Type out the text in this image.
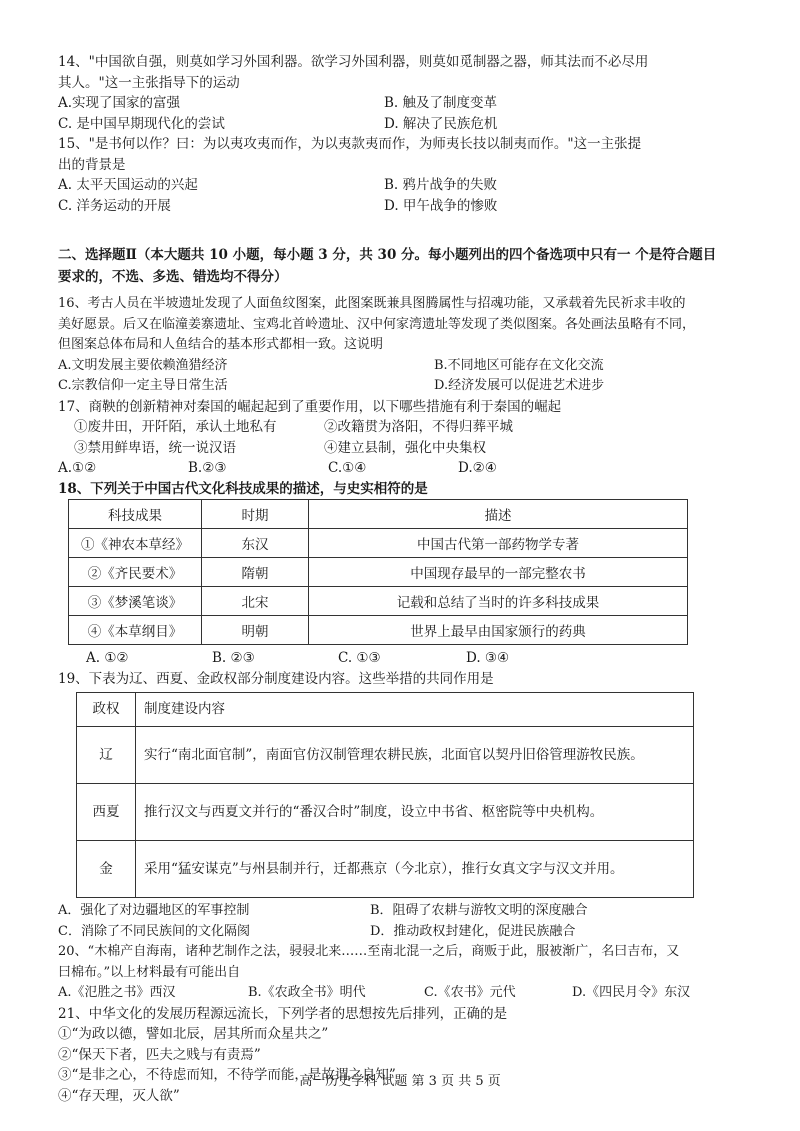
14、"中国欲自强，则莫如学习外国利器。欲学习外国利器，则莫如觅制器之器，师其法而不必尽用
其人。"这一主张指导下的运动
A.实现了国家的富强	B. 触及了制度变革
C. 是中国早期现代化的尝试	D. 解决了民族危机
15、"是书何以作？曰：为以夷攻夷而作，为以夷款夷而作，为师夷长技以制夷而作。"这一主张提
出的背景是
A. 太平天国运动的兴起	B. 鸦片战争的失败
C. 洋务运动的开展	D. 甲午战争的惨败
二、选择题Ⅱ（本大题共 10 小题，每小题 3 分，共 30 分。每小题列出的四个备选项中只有一 个是符合题目
要求的，不选、多选、错选均不得分）
16、考古人员在半坡遗址发现了人面鱼纹图案，此图案既兼具图腾属性与招魂功能，又承载着先民祈求丰收的
美好愿景。后又在临潼姜寨遗址、宝鸡北首岭遗址、汉中何家湾遗址等发现了类似图案。各处画法虽略有不同，
但图案总体布局和人鱼结合的基本形式都相一致。这说明
A.文明发展主要依赖渔猎经济	B.不同地区可能存在文化交流
C.宗教信仰一定主导日常生活	D.经济发展可以促进艺术进步
17、商鞅的创新精神对秦国的崛起起到了重要作用，以下哪些措施有利于秦国的崛起
①废井田，开阡陌，承认土地私有	②改籍贯为洛阳，不得归葬平城
③禁用鲜卑语，统一说汉语	④建立县制，强化中央集权
A.①②	B.②③	C.①④	D.②④
18、下列关于中国古代文化科技成果的描述，与史实相符的是
科技成果	时期	描述
①《神农本草经》	东汉	中国古代第一部药物学专著
②《齐民要术》	隋朝	中国现存最早的一部完整农书
③《梦溪笔谈》	北宋	记载和总结了当时的许多科技成果
④《本草纲目》	明朝	世界上最早由国家颁行的药典
A. ①②	B. ②③	C. ①③	D. ③④
19、下表为辽、西夏、金政权部分制度建设内容。这些举措的共同作用是
政权	制度建设内容
辽	实行“南北面官制”，南面官仿汉制管理农耕民族，北面官以契丹旧俗管理游牧民族。
西夏	推行汉文与西夏文并行的“番汉合时”制度，设立中书省、枢密院等中央机构。
金	采用“猛安谋克”与州县制并行，迁都燕京（今北京），推行女真文字与汉文并用。
A．强化了对边疆地区的军事控制	B．阻碍了农耕与游牧文明的深度融合
C．消除了不同民族间的文化隔阂	D．推动政权封建化，促进民族融合
20、“木棉产自海南，诸种艺制作之法，骎骎北来……至南北混一之后，商贩于此，服被渐广，名曰吉布，又
曰棉布。”以上材料最有可能出自
A.《氾胜之书》西汉	B.《农政全书》明代	C.《农书》元代	D.《四民月令》东汉
21、中华文化的发展历程源远流长，下列学者的思想按先后排列，正确的是
①“为政以德，譬如北辰，居其所而众星共之”
②“保天下者，匹夫之贱与有责焉”
③“是非之心，不待虑而知，不待学而能，是故谓之良知”
④“存天理，灭人欲”
高一历史学科 试题 第 3 页 共 5 页
